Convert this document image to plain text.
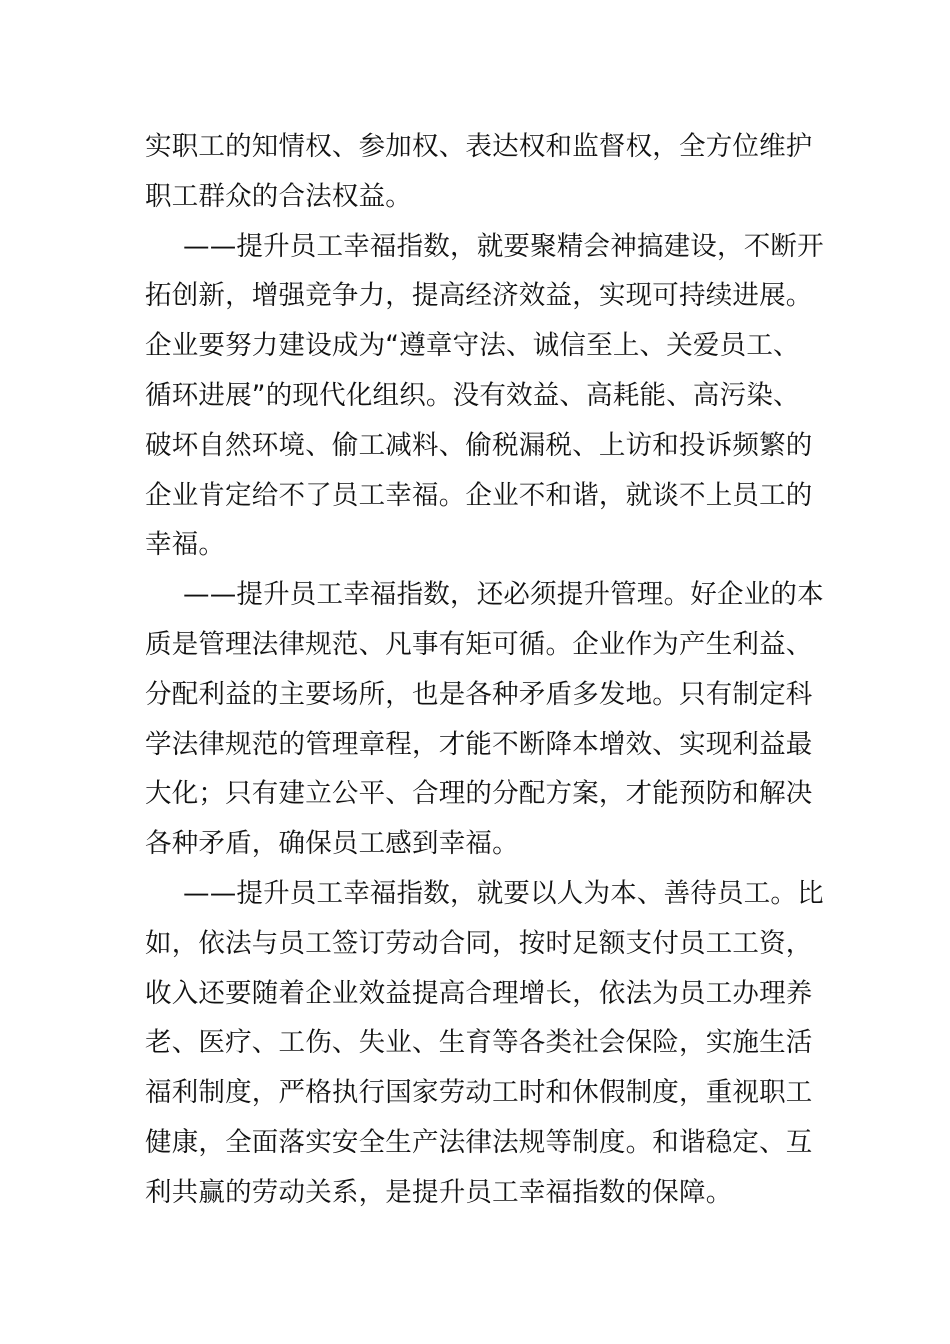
实职工的知情权、参加权、表达权和监督权，全方位维护
职工群众的合法权益。

——提升员工幸福指数，就要聚精会神搞建设，不断开
拓创新，增强竞争力，提高经济效益，实现可持续进展。
企业要努力建设成为“遵章守法、诚信至上、关爱员工、
循环进展”的现代化组织。没有效益、高耗能、高污染、
破坏自然环境、偷工减料、偷税漏税、上访和投诉频繁的
企业肯定给不了员工幸福。企业不和谐，就谈不上员工的
幸福。

——提升员工幸福指数，还必须提升管理。好企业的本
质是管理法律规范、凡事有矩可循。企业作为产生利益、
分配利益的主要场所，也是各种矛盾多发地。只有制定科
学法律规范的管理章程，才能不断降本增效、实现利益最
大化；只有建立公平、合理的分配方案，才能预防和解决
各种矛盾，确保员工感到幸福。

——提升员工幸福指数，就要以人为本、善待员工。比
如，依法与员工签订劳动合同，按时足额支付员工工资，
收入还要随着企业效益提高合理增长，依法为员工办理养
老、医疗、工伤、失业、生育等各类社会保险，实施生活
福利制度，严格执行国家劳动工时和休假制度，重视职工
健康，全面落实安全生产法律法规等制度。和谐稳定、互
利共赢的劳动关系，是提升员工幸福指数的保障。
